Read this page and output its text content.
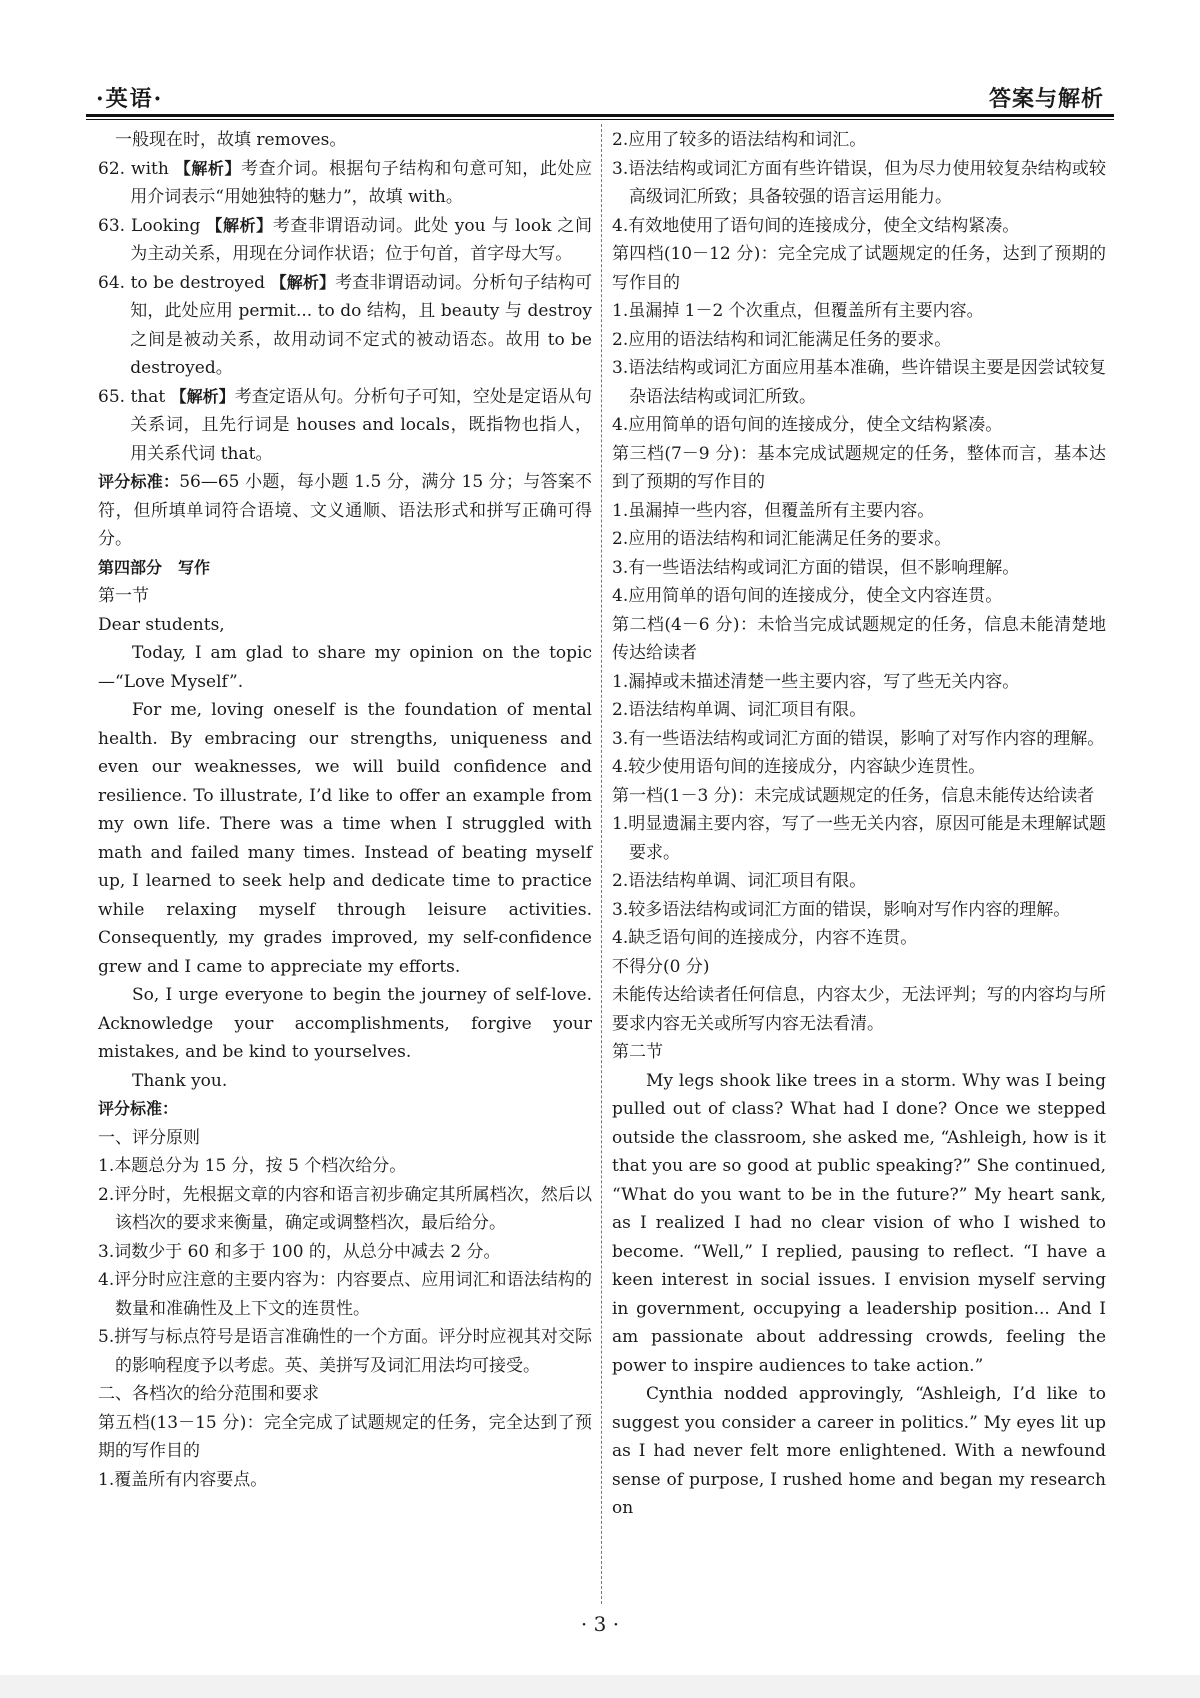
·英语·	答案与解析

一般现在时，故填 removes。

62. with 【解析】考查介词。根据句子结构和句意可知，此处应用介词表示“用她独特的魅力”，故填 with。

63. Looking 【解析】考查非谓语动词。此处 you 与 look 之间为主动关系，用现在分词作状语；位于句首，首字母大写。

64. to be destroyed 【解析】考查非谓语动词。分析句子结构可知，此处应用 permit... to do 结构，且 beauty 与 destroy 之间是被动关系，故用动词不定式的被动语态。故用 to be destroyed。

65. that 【解析】考查定语从句。分析句子可知，空处是定语从句关系词，且先行词是 houses and locals，既指物也指人，用关系代词 that。

评分标准：56—65 小题，每小题 1.5 分，满分 15 分；与答案不符，但所填单词符合语境、文义通顺、语法形式和拼写正确可得分。

第四部分　写作

第一节

Dear students,

Today, I am glad to share my opinion on the topic—“Love Myself”.

For me, loving oneself is the foundation of mental health. By embracing our strengths, uniqueness and even our weaknesses, we will build confidence and resilience. To illustrate, I’d like to offer an example from my own life. There was a time when I struggled with math and failed many times. Instead of beating myself up, I learned to seek help and dedicate time to practice while relaxing myself through leisure activities. Consequently, my grades improved, my self-confidence grew and I came to appreciate my efforts.

So, I urge everyone to begin the journey of self-love. Acknowledge your accomplishments, forgive your mistakes, and be kind to yourselves.

Thank you.

评分标准：

一、评分原则

1.本题总分为 15 分，按 5 个档次给分。

2.评分时，先根据文章的内容和语言初步确定其所属档次，然后以该档次的要求来衡量，确定或调整档次，最后给分。

3.词数少于 60 和多于 100 的，从总分中减去 2 分。

4.评分时应注意的主要内容为：内容要点、应用词汇和语法结构的数量和准确性及上下文的连贯性。

5.拼写与标点符号是语言准确性的一个方面。评分时应视其对交际的影响程度予以考虑。英、美拼写及词汇用法均可接受。

二、各档次的给分范围和要求

第五档(13－15 分)：完全完成了试题规定的任务，完全达到了预期的写作目的

1.覆盖所有内容要点。

2.应用了较多的语法结构和词汇。

3.语法结构或词汇方面有些许错误，但为尽力使用较复杂结构或较高级词汇所致；具备较强的语言运用能力。

4.有效地使用了语句间的连接成分，使全文结构紧凑。

第四档(10－12 分)：完全完成了试题规定的任务，达到了预期的写作目的

1.虽漏掉 1－2 个次重点，但覆盖所有主要内容。

2.应用的语法结构和词汇能满足任务的要求。

3.语法结构或词汇方面应用基本准确，些许错误主要是因尝试较复杂语法结构或词汇所致。

4.应用简单的语句间的连接成分，使全文结构紧凑。

第三档(7－9 分)：基本完成试题规定的任务，整体而言，基本达到了预期的写作目的

1.虽漏掉一些内容，但覆盖所有主要内容。

2.应用的语法结构和词汇能满足任务的要求。

3.有一些语法结构或词汇方面的错误，但不影响理解。

4.应用简单的语句间的连接成分，使全文内容连贯。

第二档(4－6 分)：未恰当完成试题规定的任务，信息未能清楚地传达给读者

1.漏掉或未描述清楚一些主要内容，写了些无关内容。

2.语法结构单调、词汇项目有限。

3.有一些语法结构或词汇方面的错误，影响了对写作内容的理解。

4.较少使用语句间的连接成分，内容缺少连贯性。

第一档(1－3 分)：未完成试题规定的任务，信息未能传达给读者

1.明显遗漏主要内容，写了一些无关内容，原因可能是未理解试题要求。

2.语法结构单调、词汇项目有限。

3.较多语法结构或词汇方面的错误，影响对写作内容的理解。

4.缺乏语句间的连接成分，内容不连贯。

不得分(0 分)

未能传达给读者任何信息，内容太少，无法评判；写的内容均与所要求内容无关或所写内容无法看清。

第二节

My legs shook like trees in a storm. Why was I being pulled out of class? What had I done? Once we stepped outside the classroom, she asked me, “Ashleigh, how is it that you are so good at public speaking?” She continued, “What do you want to be in the future?” My heart sank, as I realized I had no clear vision of who I wished to become. “Well,” I replied, pausing to reflect. “I have a keen interest in social issues. I envision myself serving in government, occupying a leadership position... And I am passionate about addressing crowds, feeling the power to inspire audiences to take action.”

Cynthia nodded approvingly, “Ashleigh, I’d like to suggest you consider a career in politics.” My eyes lit up as I had never felt more enlightened. With a newfound sense of purpose, I rushed home and began my research on

· 3 ·
